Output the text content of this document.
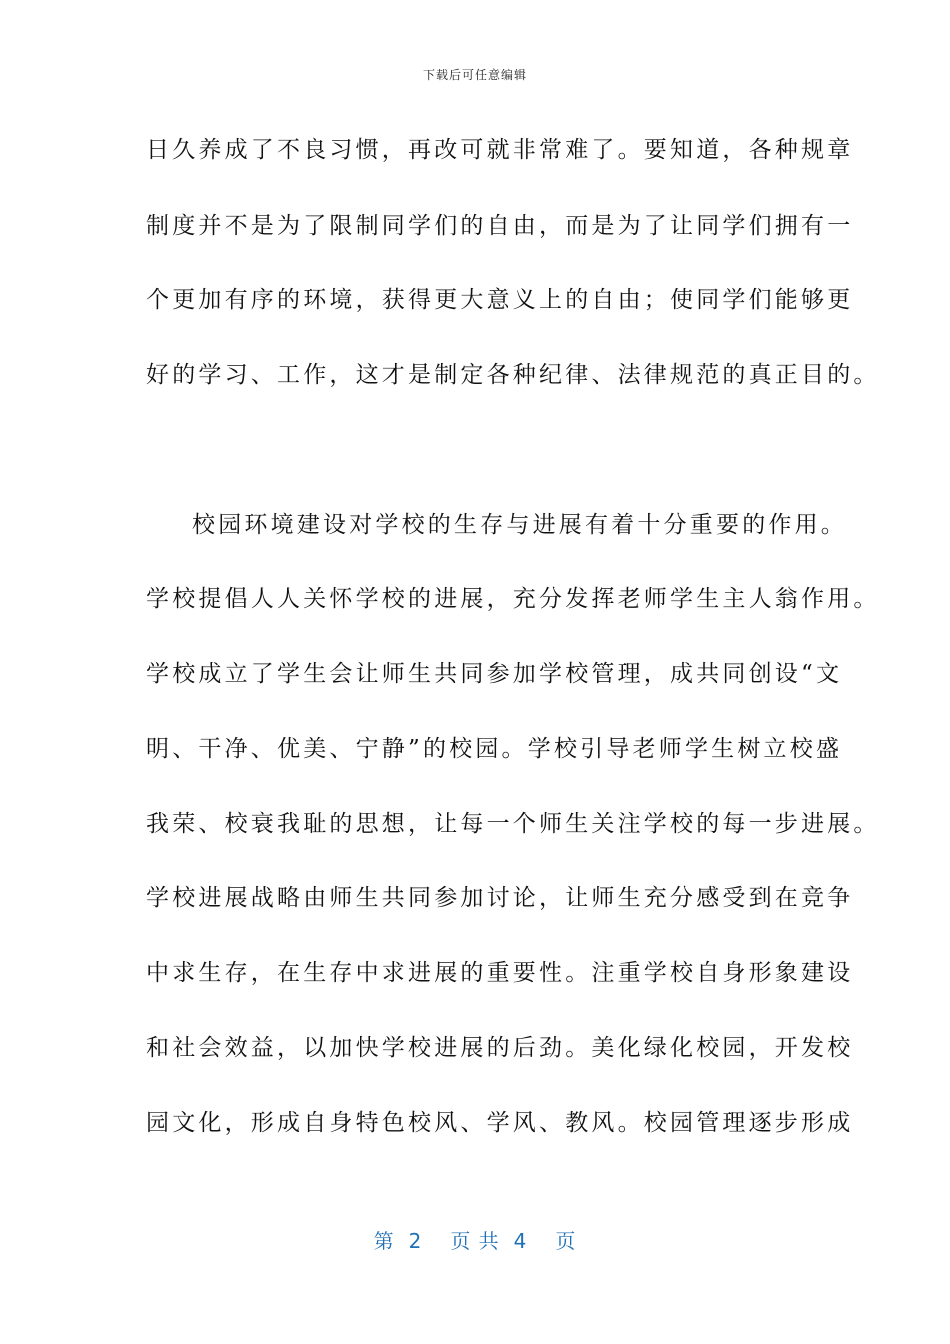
下载后可任意编辑
日久养成了不良习惯，再改可就非常难了。要知道，各种规章
制度并不是为了限制同学们的自由，而是为了让同学们拥有一
个更加有序的环境，获得更大意义上的自由；使同学们能够更
好的学习、工作，这才是制定各种纪律、法律规范的真正目的。
校园环境建设对学校的生存与进展有着十分重要的作用。
学校提倡人人关怀学校的进展，充分发挥老师学生主人翁作用。
学校成立了学生会让师生共同参加学校管理，成共同创设“文
明、干净、优美、宁静”的校园。学校引导老师学生树立校盛
我荣、校衰我耻的思想，让每一个师生关注学校的每一步进展。
学校进展战略由师生共同参加讨论，让师生充分感受到在竞争
中求生存，在生存中求进展的重要性。注重学校自身形象建设
和社会效益，以加快学校进展的后劲。美化绿化校园，开发校
园文化，形成自身特色校风、学风、教风。校园管理逐步形成
第 2 页 共 4 页
